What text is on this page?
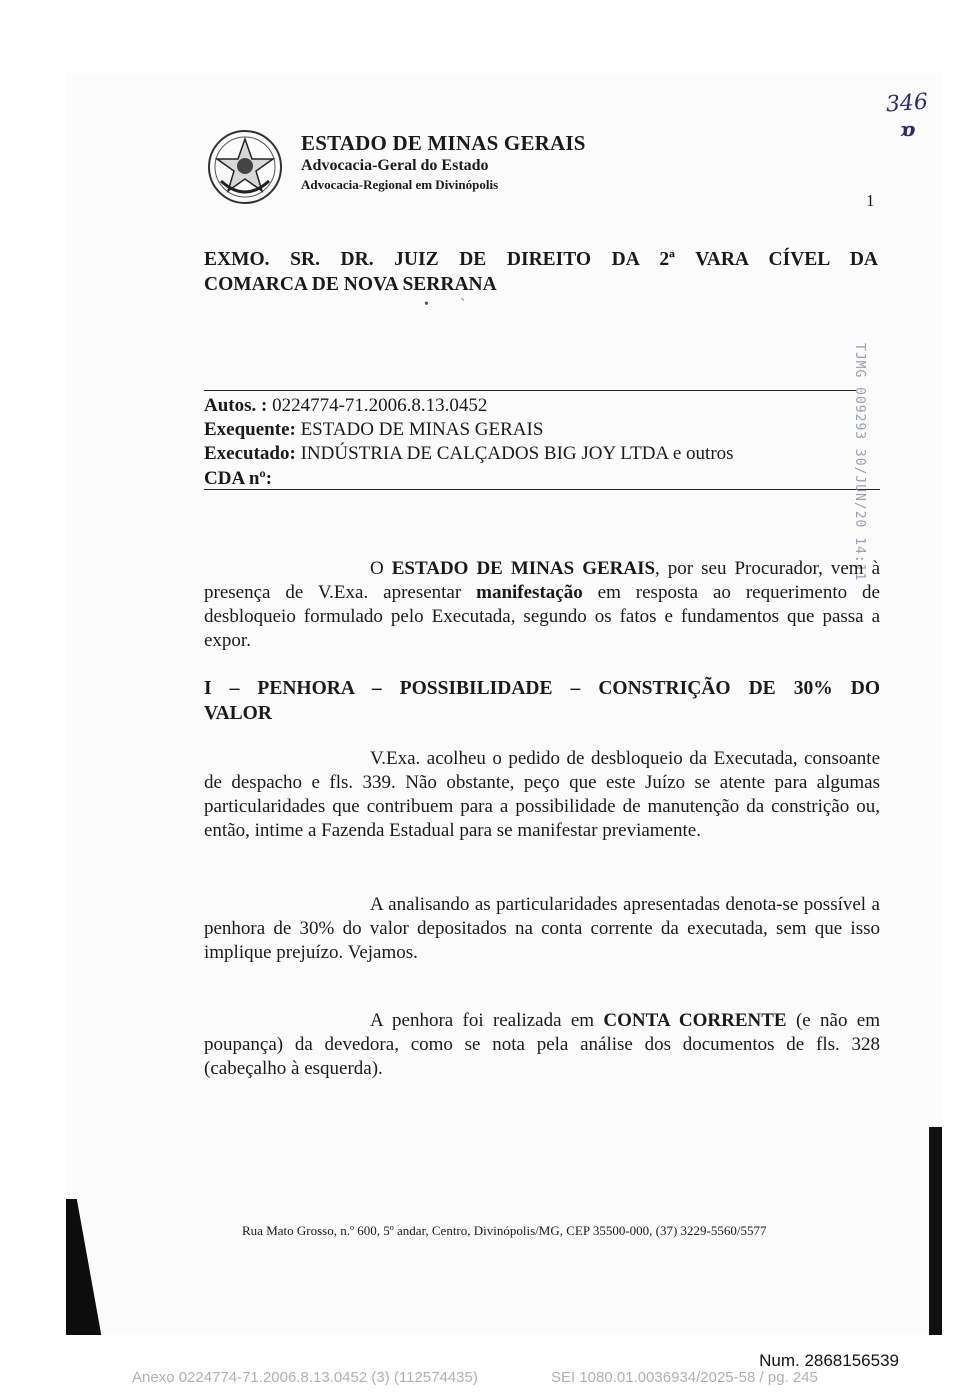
ESTADO DE MINAS GERAIS
Advocacia-Geral do Estado
Advocacia-Regional em Divinópolis
346
ɒ
1
EXMO. SR. DR. JUIZ DE DIREITO DA 2ª VARA CÍVEL DA
COMARCA DE NOVA SERRANA
•         `
Autos. : 0224774-71.2006.8.13.0452
Exequente: ESTADO DE MINAS GERAIS
Executado: INDÚSTRIA DE CALÇADOS BIG JOY LTDA e outros
CDA nº:	TJMG 009293 30/JUN/20 14:11
O ESTADO DE MINAS GERAIS, por seu Procurador, vem à presença de V.Exa. apresentar manifestação em resposta ao requerimento de desbloqueio formulado pelo Executada, segundo os fatos e fundamentos que passa a expor.
I – PENHORA – POSSIBILIDADE – CONSTRIÇÃO DE 30% DO
VALOR
V.Exa. acolheu o pedido de desbloqueio da Executada, consoante de despacho e fls. 339. Não obstante, peço que este Juízo se atente para algumas particularidades que contribuem para a possibilidade de manutenção da constrição ou, então, intime a Fazenda Estadual para se manifestar previamente.
A analisando as particularidades apresentadas denota-se possível a penhora de 30% do valor depositados na conta corrente da executada, sem que isso implique prejuízo. Vejamos.
A penhora foi realizada em CONTA CORRENTE (e não em poupança) da devedora, como se nota pela análise dos documentos de fls. 328 (cabeçalho à esquerda).
Rua Mato Grosso, n.º 600, 5º andar, Centro, Divinópolis/MG, CEP 35500-000, (37) 3229-5560/5577
Num. 2868156539
Anexo 0224774-71.2006.8.13.0452 (3) (112574435)	SEI 1080.01.0036934/2025-58 / pg. 245
